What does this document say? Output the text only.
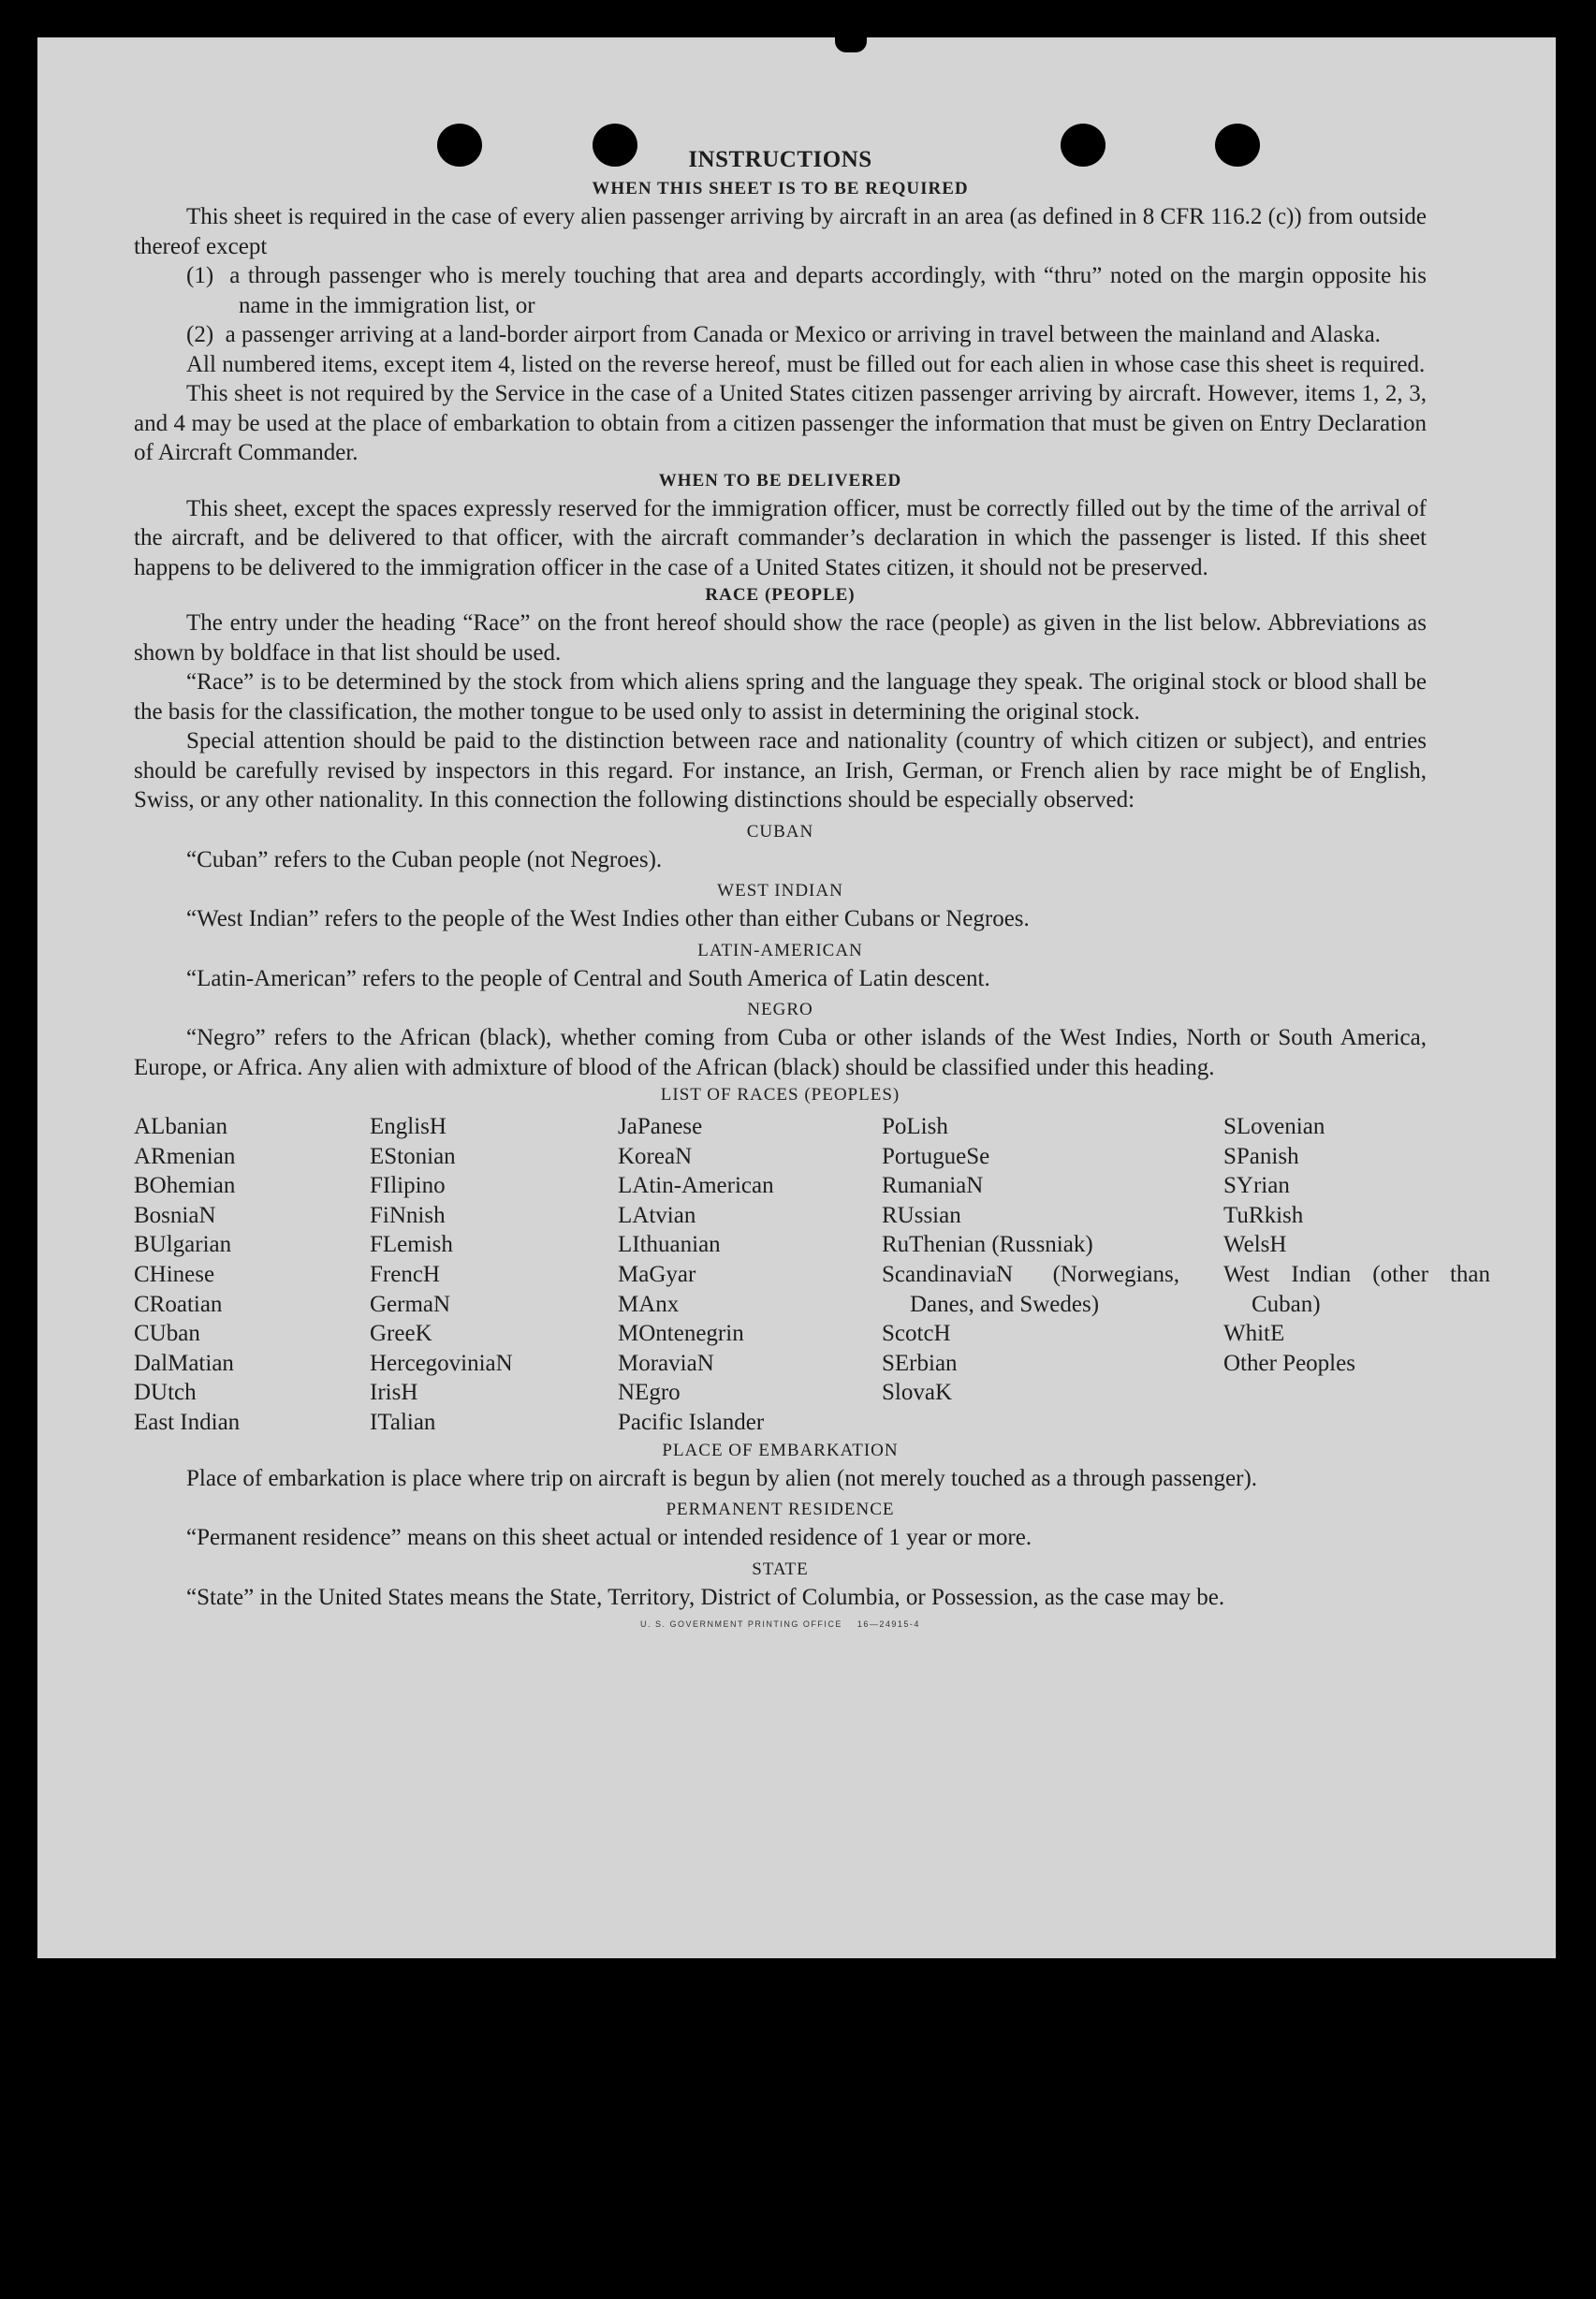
INSTRUCTIONS
WHEN THIS SHEET IS TO BE REQUIRED

This sheet is required in the case of every alien passenger arriving by aircraft in an area (as defined in 8 CFR 116.2 (c)) from outside thereof except

(1)  a through passenger who is merely touching that area and departs accordingly, with “thru” noted on the margin opposite his name in the immigration list, or
(2)  a passenger arriving at a land-border airport from Canada or Mexico or arriving in travel between the mainland and Alaska.

All numbered items, except item 4, listed on the reverse hereof, must be filled out for each alien in whose case this sheet is required.

This sheet is not required by the Service in the case of a United States citizen passenger arriving by aircraft. However, items 1, 2, 3, and 4 may be used at the place of embarkation to obtain from a citizen passenger the information that must be given on Entry Declaration of Aircraft Commander.

WHEN TO BE DELIVERED

This sheet, except the spaces expressly reserved for the immigration officer, must be correctly filled out by the time of the arrival of the aircraft, and be delivered to that officer, with the aircraft commander’s declaration in which the passenger is listed. If this sheet happens to be delivered to the immigration officer in the case of a United States citizen, it should not be preserved.

RACE (PEOPLE)

The entry under the heading “Race” on the front hereof should show the race (people) as given in the list below. Abbreviations as shown by boldface in that list should be used.

“Race” is to be determined by the stock from which aliens spring and the language they speak. The original stock or blood shall be the basis for the classification, the mother tongue to be used only to assist in determining the original stock.

Special attention should be paid to the distinction between race and nationality (country of which citizen or subject), and entries should be carefully revised by inspectors in this regard. For instance, an Irish, German, or French alien by race might be of English, Swiss, or any other nationality. In this connection the following distinctions should be especially observed:

CUBAN

“Cuban” refers to the Cuban people (not Negroes).

WEST INDIAN

“West Indian” refers to the people of the West Indies other than either Cubans or Negroes.

LATIN-AMERICAN

“Latin-American” refers to the people of Central and South America of Latin descent.

NEGRO

“Negro” refers to the African (black), whether coming from Cuba or other islands of the West Indies, North or South America, Europe, or Africa. Any alien with admixture of blood of the African (black) should be classified under this heading.

LIST OF RACES (PEOPLES)
ALbanian
ARmenian
BOhemian
BosniaN
BUlgarian
CHinese
CRoatian
CUban
DalMatian
DUtch
East Indian
EnglisH
EStonian
FIlipino
FiNnish
FLemish
FrencH
GermaN
GreeK
HercegoviniaN
IrisH
ITalian
JaPanese
KoreaN
LAtin-American
LAtvian
LIthuanian
MaGyar
MAnx
MOntenegrin
MoraviaN
NEgro
Pacific Islander
PoLish
PortugueSe
RumaniaN
RUssian
RuThenian (Russniak)
ScandinaviaN (Norwegians, Danes, and Swedes)
ScotcH
SErbian
SlovaK
SLovenian
SPanish
SYrian
TuRkish
WelsH
West Indian (other than Cuban)
WhitE
Other Peoples
PLACE OF EMBARKATION

Place of embarkation is place where trip on aircraft is begun by alien (not merely touched as a through passenger).

PERMANENT RESIDENCE

“Permanent residence” means on this sheet actual or intended residence of 1 year or more.

STATE

“State” in the United States means the State, Territory, District of Columbia, or Possession, as the case may be.

U. S. GOVERNMENT PRINTING OFFICE    16—24915-4
